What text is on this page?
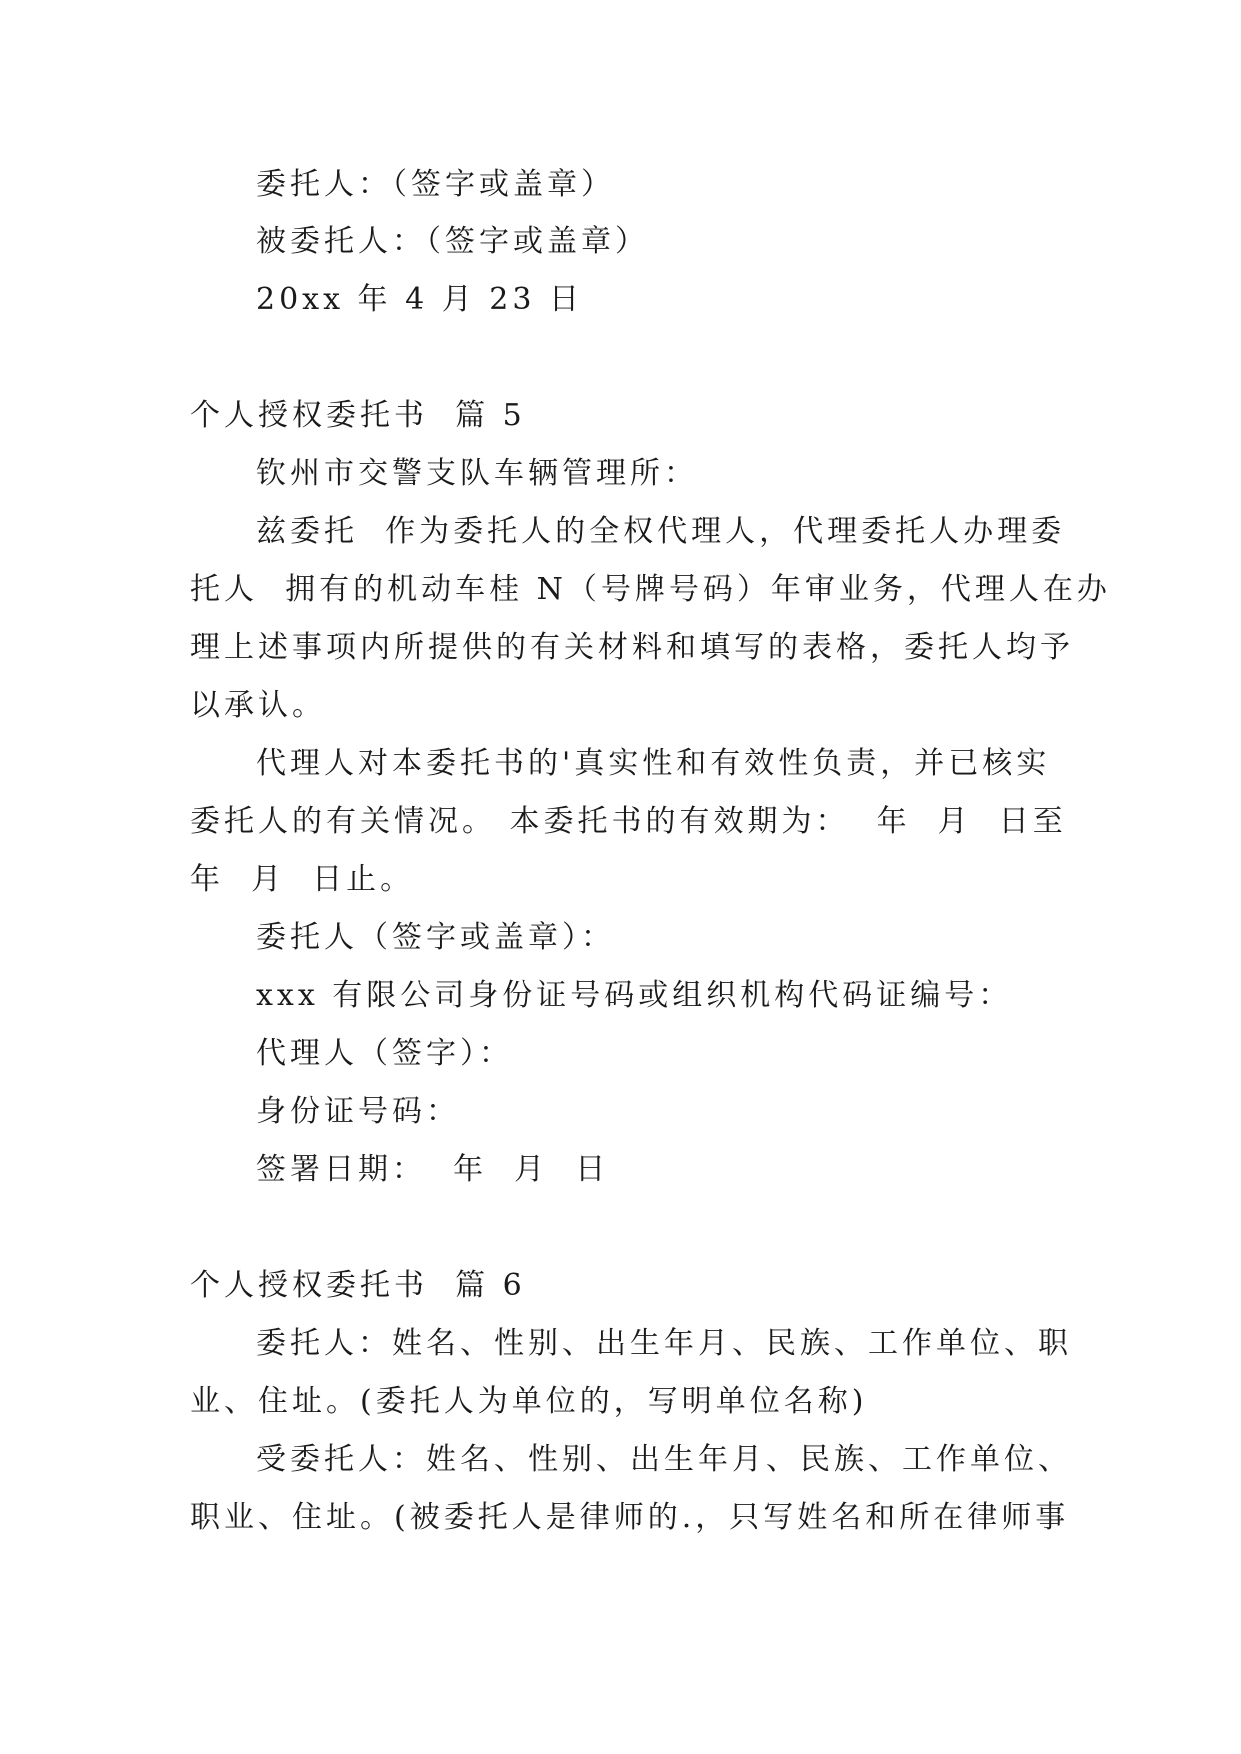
委托人：（签字或盖章）
被委托人：（签字或盖章）
20xx 年 4 月 23 日
个人授权委托书  篇 5
钦州市交警支队车辆管理所：
兹委托  作为委托人的全权代理人，代理委托人办理委
托人  拥有的机动车桂 N（号牌号码）年审业务，代理人在办
理上述事项内所提供的有关材料和填写的表格，委托人均予
以承认。
代理人对本委托书的'真实性和有效性负责，并已核实
委托人的有关情况。 本委托书的有效期为：  年  月  日至
年  月  日止。
委托人（签字或盖章）：
xxx 有限公司身份证号码或组织机构代码证编号：
代理人（签字）：
身份证号码：
签署日期：  年  月  日
个人授权委托书  篇 6
委托人：姓名、性别、出生年月、民族、工作单位、职
业、住址。(委托人为单位的，写明单位名称)
受委托人：姓名、性别、出生年月、民族、工作单位、
职业、住址。(被委托人是律师的.，只写姓名和所在律师事
